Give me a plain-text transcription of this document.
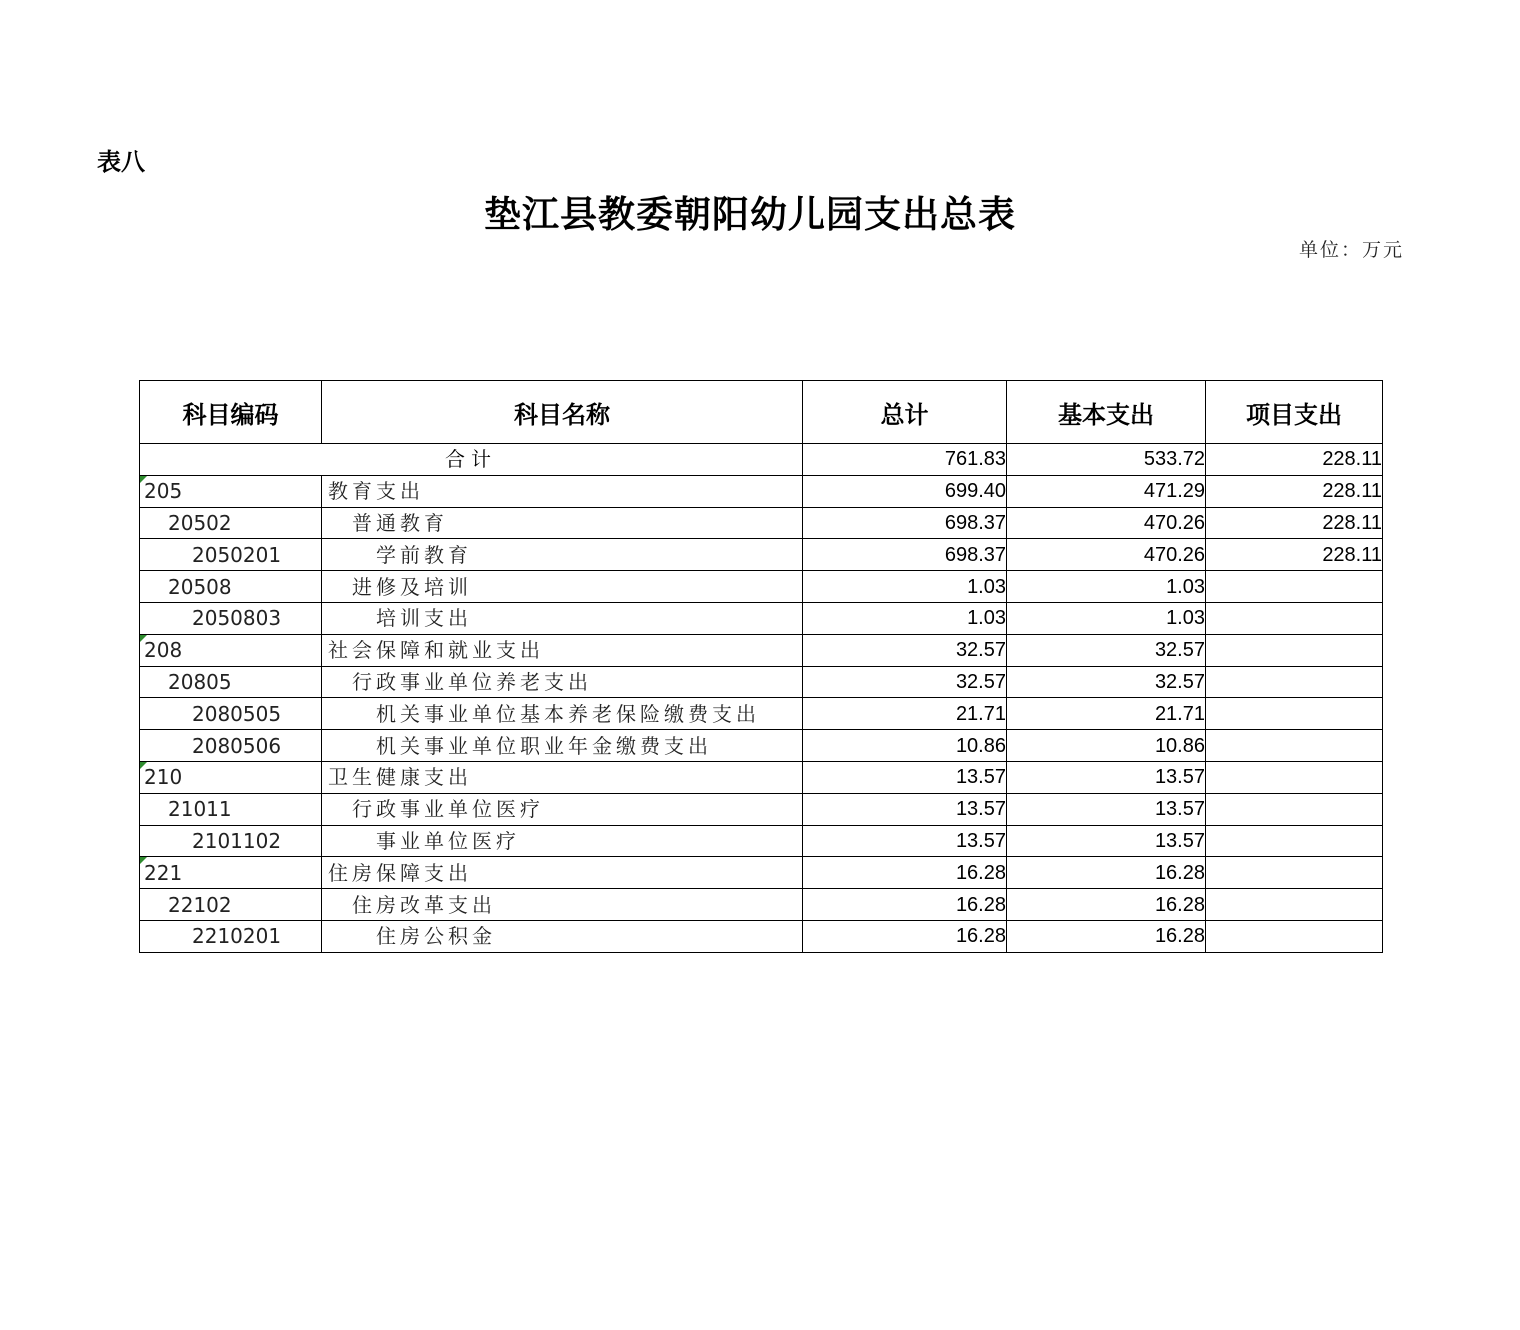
表八
垫江县教委朝阳幼儿园支出总表
单位：万元
科目编码	科目名称	总计	基本支出	项目支出
合计		761.83	533.72	228.11

205	教育支出	699.40	471.29	228.11
20502	普通教育	698.37	470.26	228.11
2050201	学前教育	698.37	470.26	228.11
20508	进修及培训	1.03	1.03	
2050803	培训支出	1.03	1.03	

208	社会保障和就业支出	32.57	32.57	
20805	行政事业单位养老支出	32.57	32.57	
2080505	机关事业单位基本养老保险缴费支出	21.71	21.71	
2080506	机关事业单位职业年金缴费支出	10.86	10.86	

210	卫生健康支出	13.57	13.57	
21011	行政事业单位医疗	13.57	13.57	
2101102	事业单位医疗	13.57	13.57	

221	住房保障支出	16.28	16.28	
22102	住房改革支出	16.28	16.28	
2210201	住房公积金	16.28	16.28	
